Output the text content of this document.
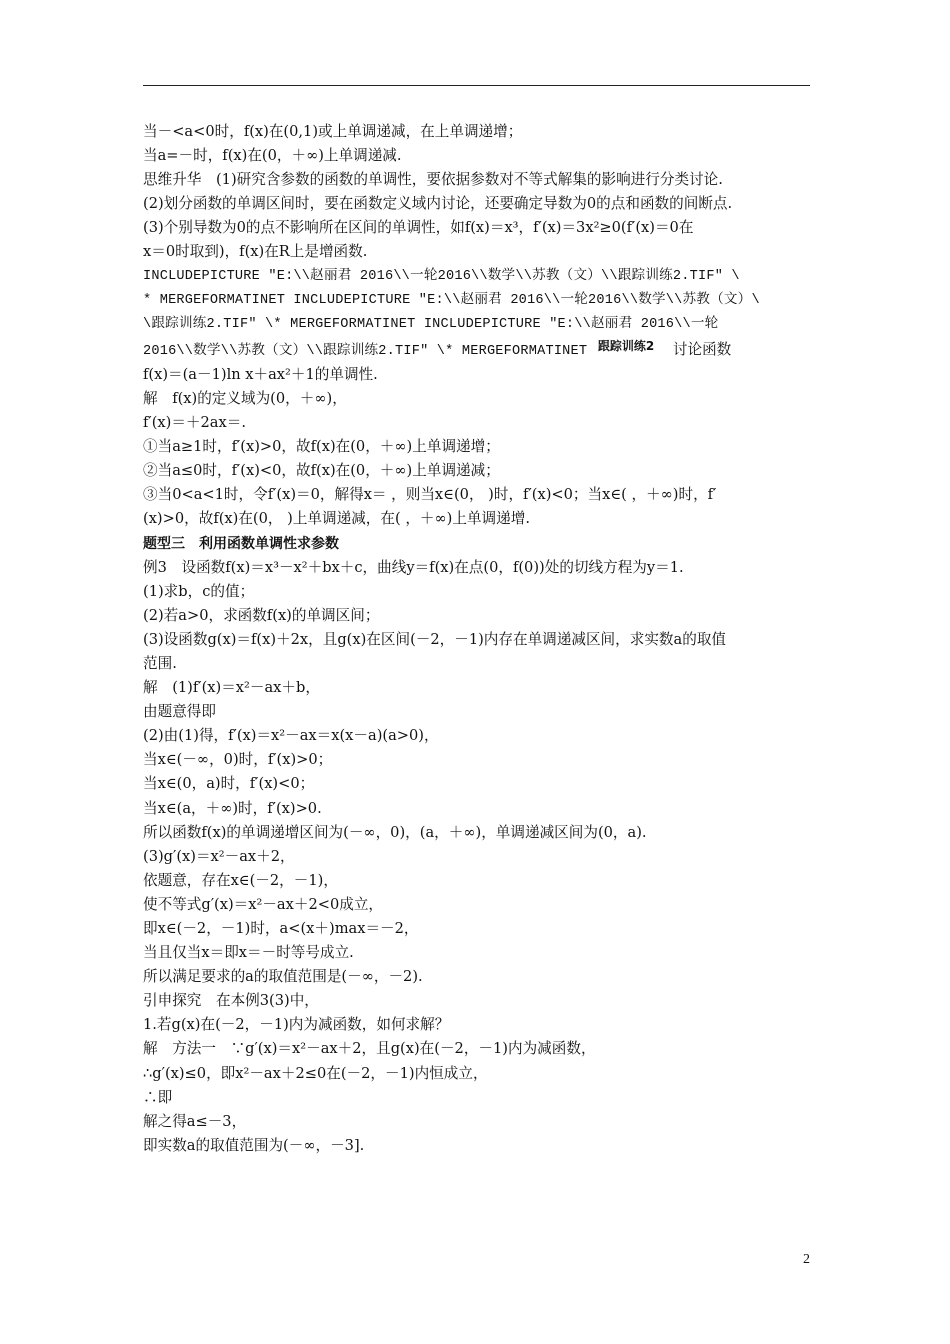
当－<a<0时，f(x)在(0,1)或上单调递减，在上单调递增；
当a=－时，f(x)在(0，＋∞)上单调递减.
思维升华　(1)研究含参数的函数的单调性，要依据参数对不等式解集的影响进行分类讨论.
(2)划分函数的单调区间时，要在函数定义域内讨论，还要确定导数为0的点和函数的间断点.
(3)个别导数为0的点不影响所在区间的单调性，如f(x)＝x³，f′(x)＝3x²≥0(f′(x)＝0在
x＝0时取到)，f(x)在R上是增函数.
INCLUDEPICTURE "E:\\赵丽君 2016\\一轮2016\\数学\\苏教（文）\\跟踪训练2.TIF" \
* MERGEFORMATINET INCLUDEPICTURE "E:\\赵丽君 2016\\一轮2016\\数学\\苏教（文）\
\跟踪训练2.TIF" \* MERGEFORMATINET INCLUDEPICTURE "E:\\赵丽君 2016\\一轮
2016\\数学\\苏教（文）\\跟踪训练2.TIF" \* MERGEFORMATINET $^{跟踪训练2}$ 讨论函数
f(x)＝(a－1)ln x＋ax²＋1的单调性.
解　f(x)的定义域为(0，＋∞)，
f′(x)＝＋2ax＝.
①当a≥1时，f′(x)>0，故f(x)在(0，＋∞)上单调递增；
②当a≤0时，f′(x)<0，故f(x)在(0，＋∞)上单调递减；
③当0<a<1时，令f′(x)＝0，解得x＝ ，则当x∈(0， )时，f′(x)<0；当x∈( ，＋∞)时，f′
(x)>0，故f(x)在(0， )上单调递减，在( ，＋∞)上单调递增.
题型三　利用函数单调性求参数
例3　设函数f(x)＝x³－x²＋bx＋c，曲线y＝f(x)在点(0，f(0))处的切线方程为y＝1.
(1)求b，c的值；
(2)若a>0，求函数f(x)的单调区间；
(3)设函数g(x)＝f(x)＋2x，且g(x)在区间(－2，－1)内存在单调递减区间，求实数a的取值
范围.
解　(1)f′(x)＝x²－ax＋b，
由题意得即
(2)由(1)得，f′(x)＝x²－ax＝x(x－a)(a>0)，
当x∈(－∞，0)时，f′(x)>0；
当x∈(0，a)时，f′(x)<0；
当x∈(a，＋∞)时，f′(x)>0.
所以函数f(x)的单调递增区间为(－∞，0)，(a，＋∞)，单调递减区间为(0，a).
(3)g′(x)＝x²－ax＋2，
依题意，存在x∈(－2，－1)，
使不等式g′(x)＝x²－ax＋2<0成立，
即x∈(－2，－1)时，a<(x＋)max＝－2，
当且仅当x＝即x＝－时等号成立.
所以满足要求的a的取值范围是(－∞，－2).
引申探究　在本例3(3)中，
1.若g(x)在(－2，－1)内为减函数，如何求解？
解　方法一　∵g′(x)＝x²－ax＋2，且g(x)在(－2，－1)内为减函数，
∴g′(x)≤0，即x²－ax＋2≤0在(－2，－1)内恒成立，
∴即
解之得a≤－3，
即实数a的取值范围为(－∞，－3].
2
